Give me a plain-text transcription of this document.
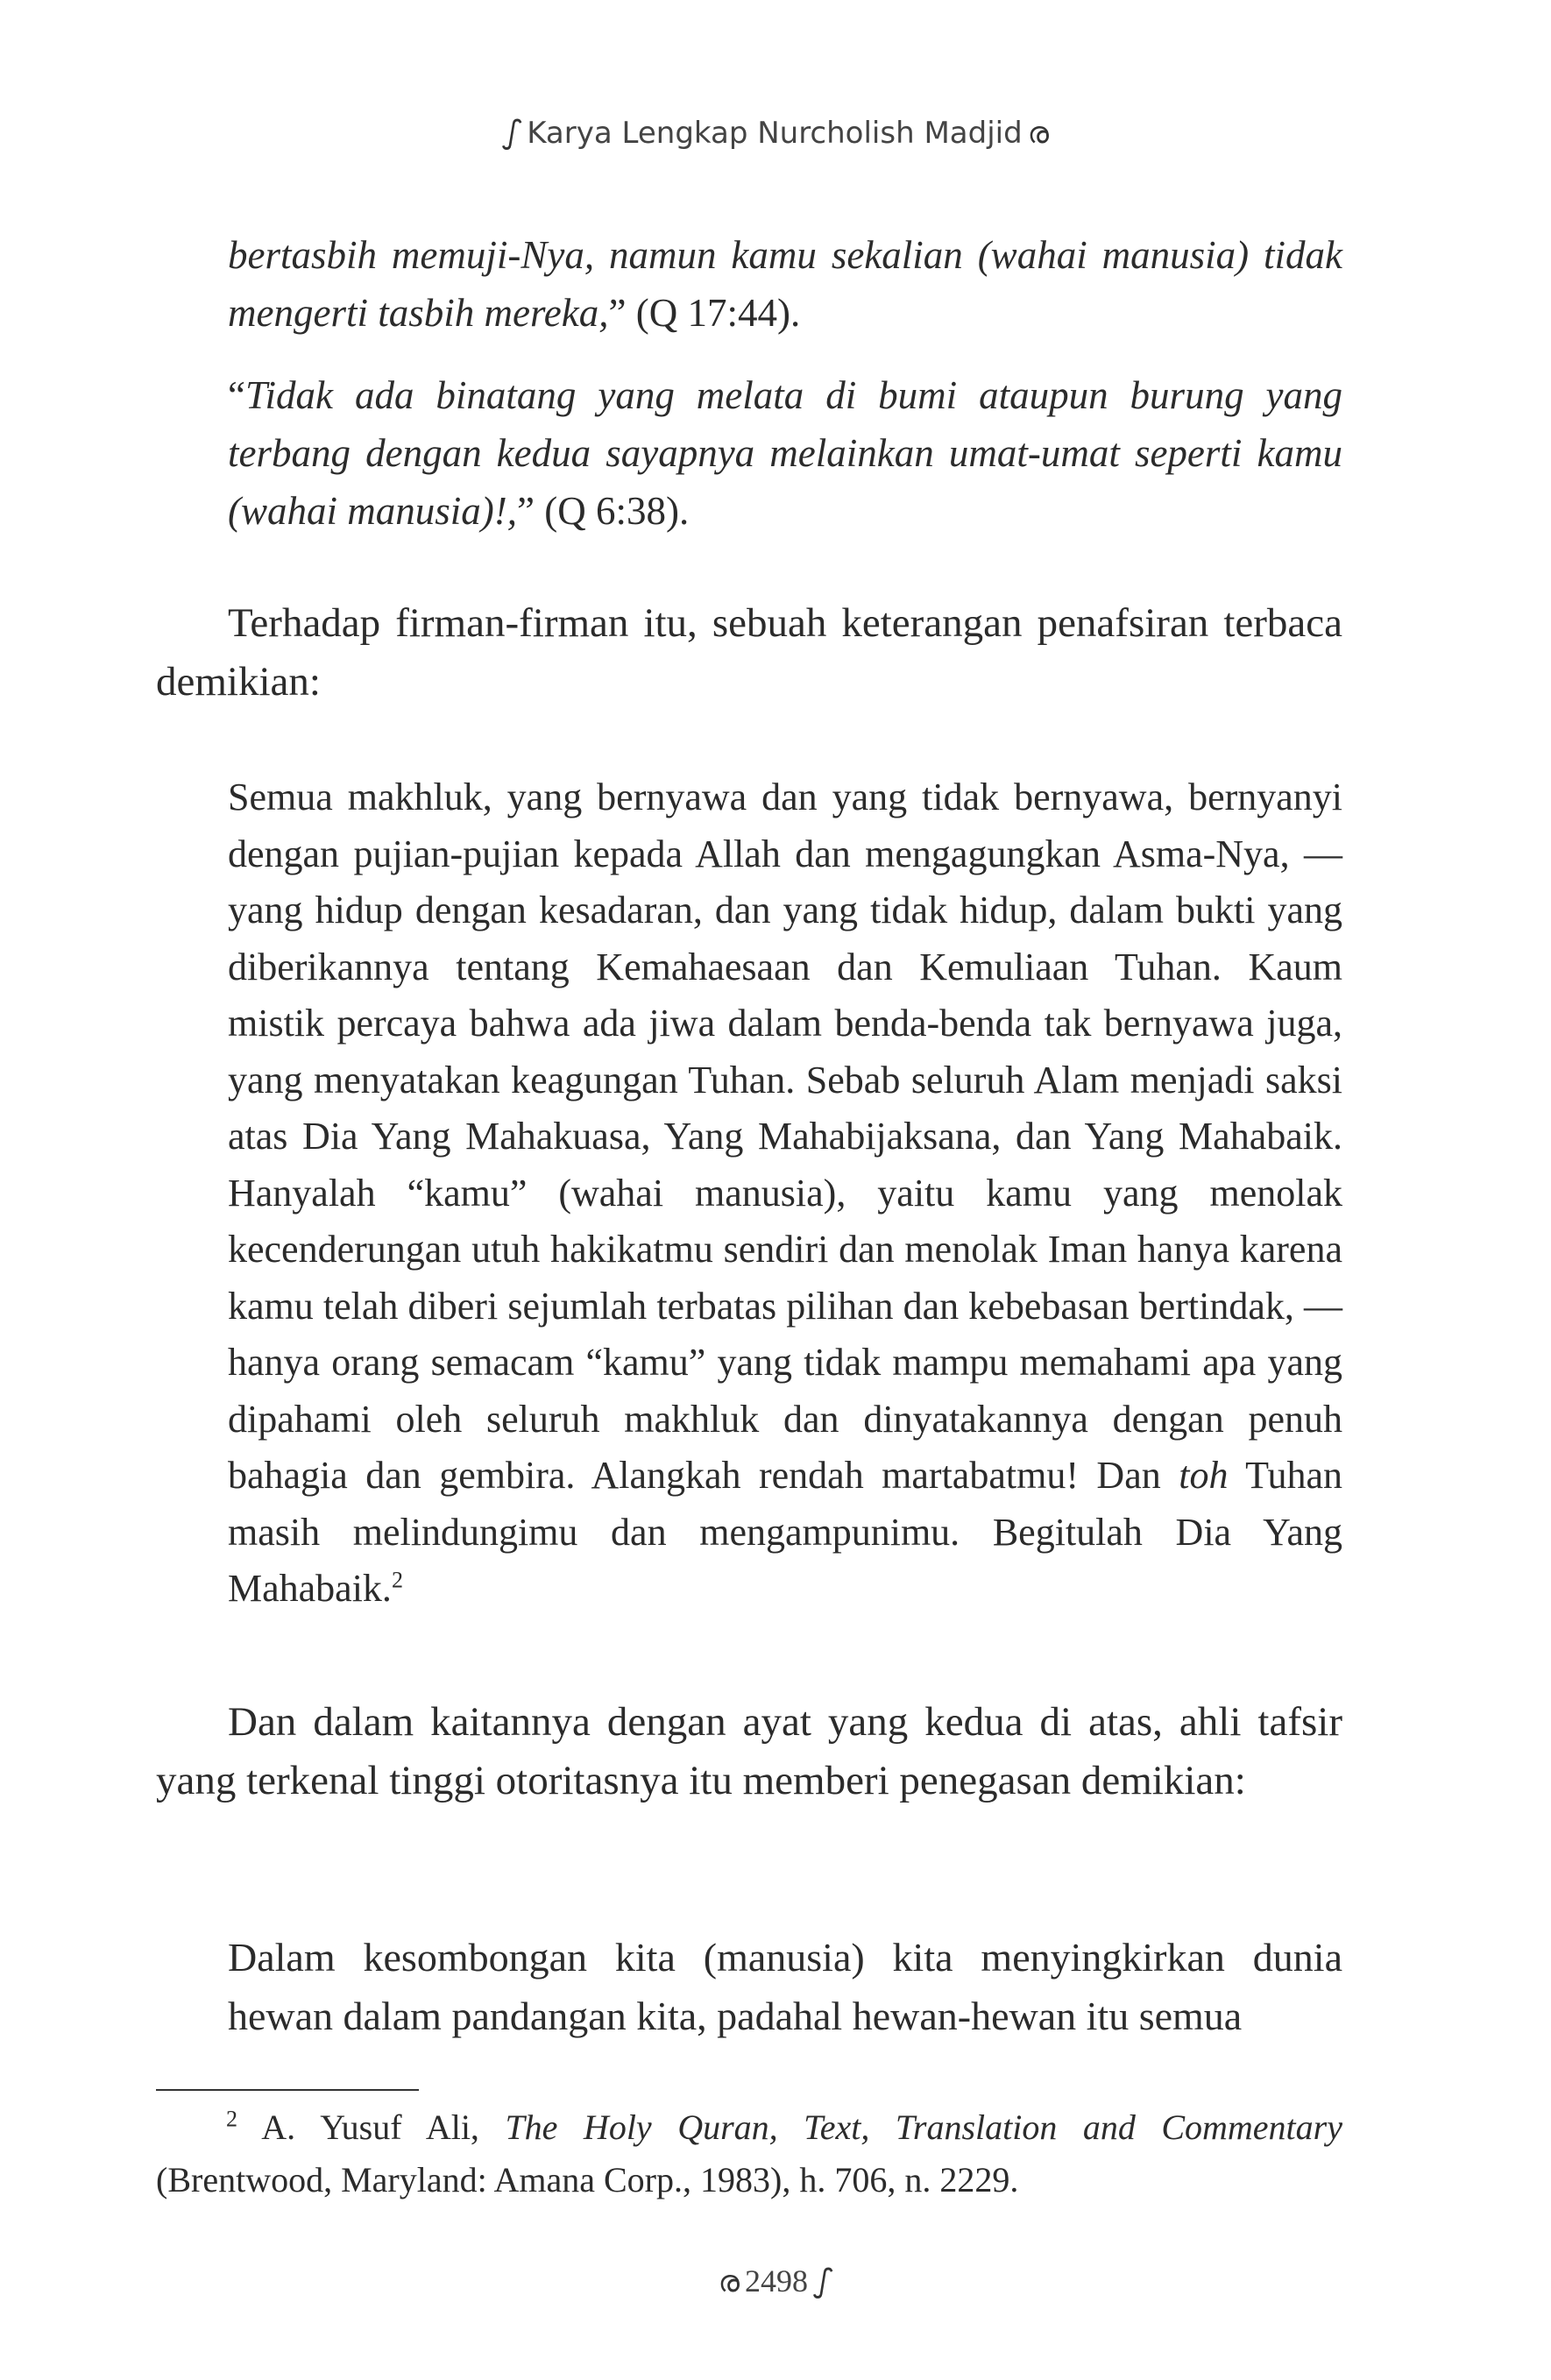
ഽ Karya Lengkap Nurcholish Madjid ര

bertasbih memuji-Nya, namun kamu sekalian (wahai manusia) tidak mengerti tasbih mereka,” (Q 17:44).

“Tidak ada binatang yang melata di bumi ataupun burung yang terbang dengan kedua sayapnya melainkan umat-umat seperti kamu (wahai manusia)!,” (Q 6:38).

Terhadap firman-firman itu, sebuah keterangan penafsiran terbaca demikian:

Semua makhluk, yang bernyawa dan yang tidak bernyawa, bernyanyi dengan pujian-pujian kepada Allah dan mengagungkan Asma-Nya, — yang hidup dengan kesadaran, dan yang tidak hidup, dalam bukti yang diberikannya tentang Kemahaesaan dan Kemuliaan Tuhan. Kaum mistik percaya bahwa ada jiwa dalam benda-benda tak bernyawa juga, yang menyatakan keagungan Tuhan. Sebab seluruh Alam menjadi saksi atas Dia Yang Mahakuasa, Yang Mahabijaksana, dan Yang Mahabaik. Hanyalah “kamu” (wahai manusia), yaitu kamu yang menolak kecenderungan utuh hakikatmu sendiri dan menolak Iman hanya karena kamu telah diberi sejumlah terbatas pilihan dan kebebasan bertindak, — hanya orang semacam “kamu” yang tidak mampu memahami apa yang dipahami oleh seluruh makhluk dan dinyatakannya dengan penuh bahagia dan gembira. Alangkah rendah martabatmu! Dan toh Tuhan masih melindungimu dan mengampunimu. Begitulah Dia Yang Mahabaik.$^2$

Dan dalam kaitannya dengan ayat yang kedua di atas, ahli tafsir yang terkenal tinggi otoritasnya itu memberi penegasan demikian:

Dalam kesombongan kita (manusia) kita menyingkirkan dunia hewan dalam pandangan kita, padahal hewan-hewan itu semua

$^2$ A. Yusuf Ali, The Holy Quran, Text, Translation and Commentary (Brentwood, Maryland: Amana Corp., 1983), h. 706, n. 2229.

ര 2498 ഽ
